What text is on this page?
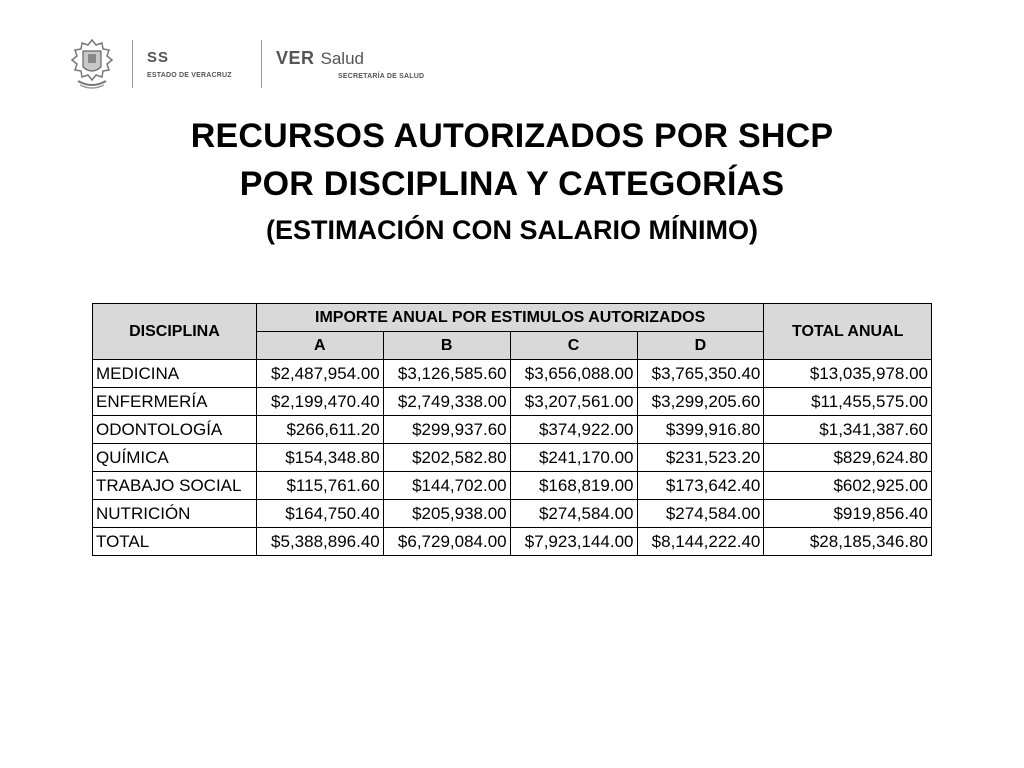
SS
ESTADO DE VERACRUZ
VER Salud
SECRETARÍA DE SALUD
RECURSOS AUTORIZADOS POR SHCP
POR DISCIPLINA Y CATEGORÍAS
(ESTIMACIÓN CON SALARIO MÍNIMO)
DISCIPLINA	IMPORTE ANUAL POR ESTIMULOS AUTORIZADOS				TOTAL ANUAL
	A	B	C	D	
MEDICINA	$2,487,954.00	$3,126,585.60	$3,656,088.00	$3,765,350.40	$13,035,978.00
ENFERMERÍA	$2,199,470.40	$2,749,338.00	$3,207,561.00	$3,299,205.60	$11,455,575.00
ODONTOLOGÍA	$266,611.20	$299,937.60	$374,922.00	$399,916.80	$1,341,387.60
QUÍMICA	$154,348.80	$202,582.80	$241,170.00	$231,523.20	$829,624.80
TRABAJO SOCIAL	$115,761.60	$144,702.00	$168,819.00	$173,642.40	$602,925.00
NUTRICIÓN	$164,750.40	$205,938.00	$274,584.00	$274,584.00	$919,856.40
TOTAL	$5,388,896.40	$6,729,084.00	$7,923,144.00	$8,144,222.40	$28,185,346.80
